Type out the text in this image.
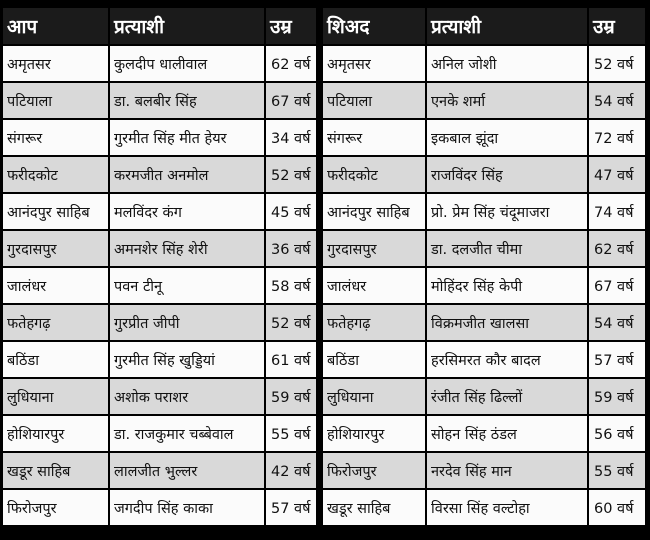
आप	प्रत्याशी	उम्र
अमृतसर	कुलदीप धालीवाल	62 वर्ष
पटियाला	डा. बलबीर सिंह	67 वर्ष
संगरूर	गुरमीत सिंह मीत हेयर	34 वर्ष
फरीदकोट	करमजीत अनमोल	52 वर्ष
आनंदपुर साहिब	मलविंदर कंग	45 वर्ष
गुरदासपुर	अमनशेर सिंह शेरी	36 वर्ष
जालंधर	पवन टीनू	58 वर्ष
फतेहगढ़	गुरप्रीत जीपी	52 वर्ष
बठिंडा	गुरमीत सिंह खुड्डियां	61 वर्ष
लुधियाना	अशोक पराशर	59 वर्ष
होशियारपुर	डा. राजकुमार चब्बेवाल	55 वर्ष
खडूर साहिब	लालजीत भुल्लर	42 वर्ष
फिरोजपुर	जगदीप सिंह काका	57 वर्ष
शिअद	प्रत्याशी	उम्र
अमृतसर	अनिल जोशी	52 वर्ष
पटियाला	एनके शर्मा	54 वर्ष
संगरूर	इकबाल झूंदा	72 वर्ष
फरीदकोट	राजविंदर सिंह	47 वर्ष
आनंदपुर साहिब	प्रो. प्रेम सिंह चंदूमाजरा	74 वर्ष
गुरदासपुर	डा. दलजीत चीमा	62 वर्ष
जालंधर	मोहिंदर सिंह केपी	67 वर्ष
फतेहगढ़	विक्रमजीत खालसा	54 वर्ष
बठिंडा	हरसिमरत कौर बादल	57 वर्ष
लुधियाना	रंजीत सिंह ढिल्लों	59 वर्ष
होशियारपुर	सोहन सिंह ठंडल	56 वर्ष
फिरोजपुर	नरदेव सिंह मान	55 वर्ष
खडूर साहिब	विरसा सिंह वल्टोहा	60 वर्ष
